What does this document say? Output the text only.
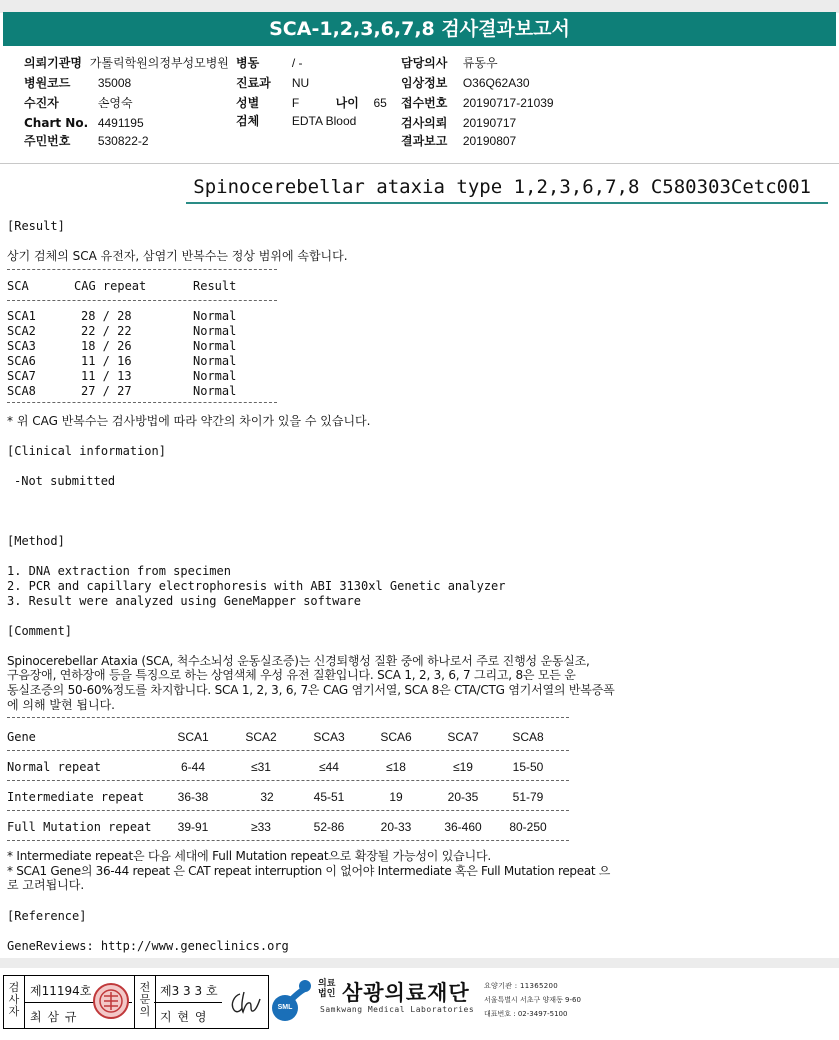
SCA-1,2,3,6,7,8 검사결과보고서
의뢰기관명 가톨릭학원의정부성모병원
병원코드 35008
수진자	손영숙
Chart No. 4491195
주민번호 530822-2
병동	/ -
진료과 NU
성별	F	나이 65
검체	EDTA Blood
담당의사 류동우
임상정보 O36Q62A30
접수번호 20190717-21039
검사의뢰 20190717
결과보고 20190807
Spinocerebellar ataxia type 1,2,3,6,7,8 C580303Cetc001
[Result]
상기 검체의 SCA 유전자, 삼염기 반복수는 정상 범위에 속합니다.
SCA	CAG repeat	Result
SCA1	28 / 28	Normal
SCA2	22 / 22	Normal
SCA3	18 / 26	Normal
SCA6	11 / 16	Normal
SCA7	11 / 13	Normal
SCA8	27 / 27	Normal
* 위 CAG 반복수는 검사방법에 따라 약간의 차이가 있을 수 있습니다.
[Clinical information]
-Not submitted
[Method]
1. DNA extraction from specimen
2. PCR and capillary electrophoresis with ABI 3130xl Genetic analyzer
3. Result were analyzed using GeneMapper software
[Comment]
Spinocerebellar Ataxia (SCA, 척수소뇌성 운동실조증)는 신경퇴행성 질환 중에 하나로서 주로 진행성 운동실조,
구음장애, 연하장애 등을 특징으로 하는 상염색체 우성 유전 질환입니다. SCA 1, 2, 3, 6, 7 그리고, 8은 모든 운
동실조증의 50-60%정도를 차지합니다. SCA 1, 2, 3, 6, 7은 CAG 염기서열, SCA 8은 CTA/CTG 염기서열의 반복증폭
에 의해 발현 됩니다.
Gene	SCA1	SCA2	SCA3	SCA6	SCA7	SCA8
Normal repeat	6-44	≤31	≤44	≤18	≤19	15-50
Intermediate repeat	36-38	32	45-51	19	20-35	51-79
Full Mutation repeat	39-91	≥33	52-86	20-33	36-460	80-250
* Intermediate repeat은 다음 세대에 Full Mutation repeat으로 확장될 가능성이 있습니다.
* SCA1 Gene의 36-44 repeat 은 CAT repeat interruption 이 없어야 Intermediate 혹은 Full Mutation repeat 으
로 고려됩니다.
[Reference]
GeneReviews: http://www.geneclinics.org
검사자
제11194호
최 삼 규
전문의
제3 3 3 호
지 현 영
SML
의료법인 삼광의료재단
Samkwang Medical Laboratories
요양기관 : 11365200
서울특별시 서초구 양재동 9-60
대표번호 : 02-3497-5100
